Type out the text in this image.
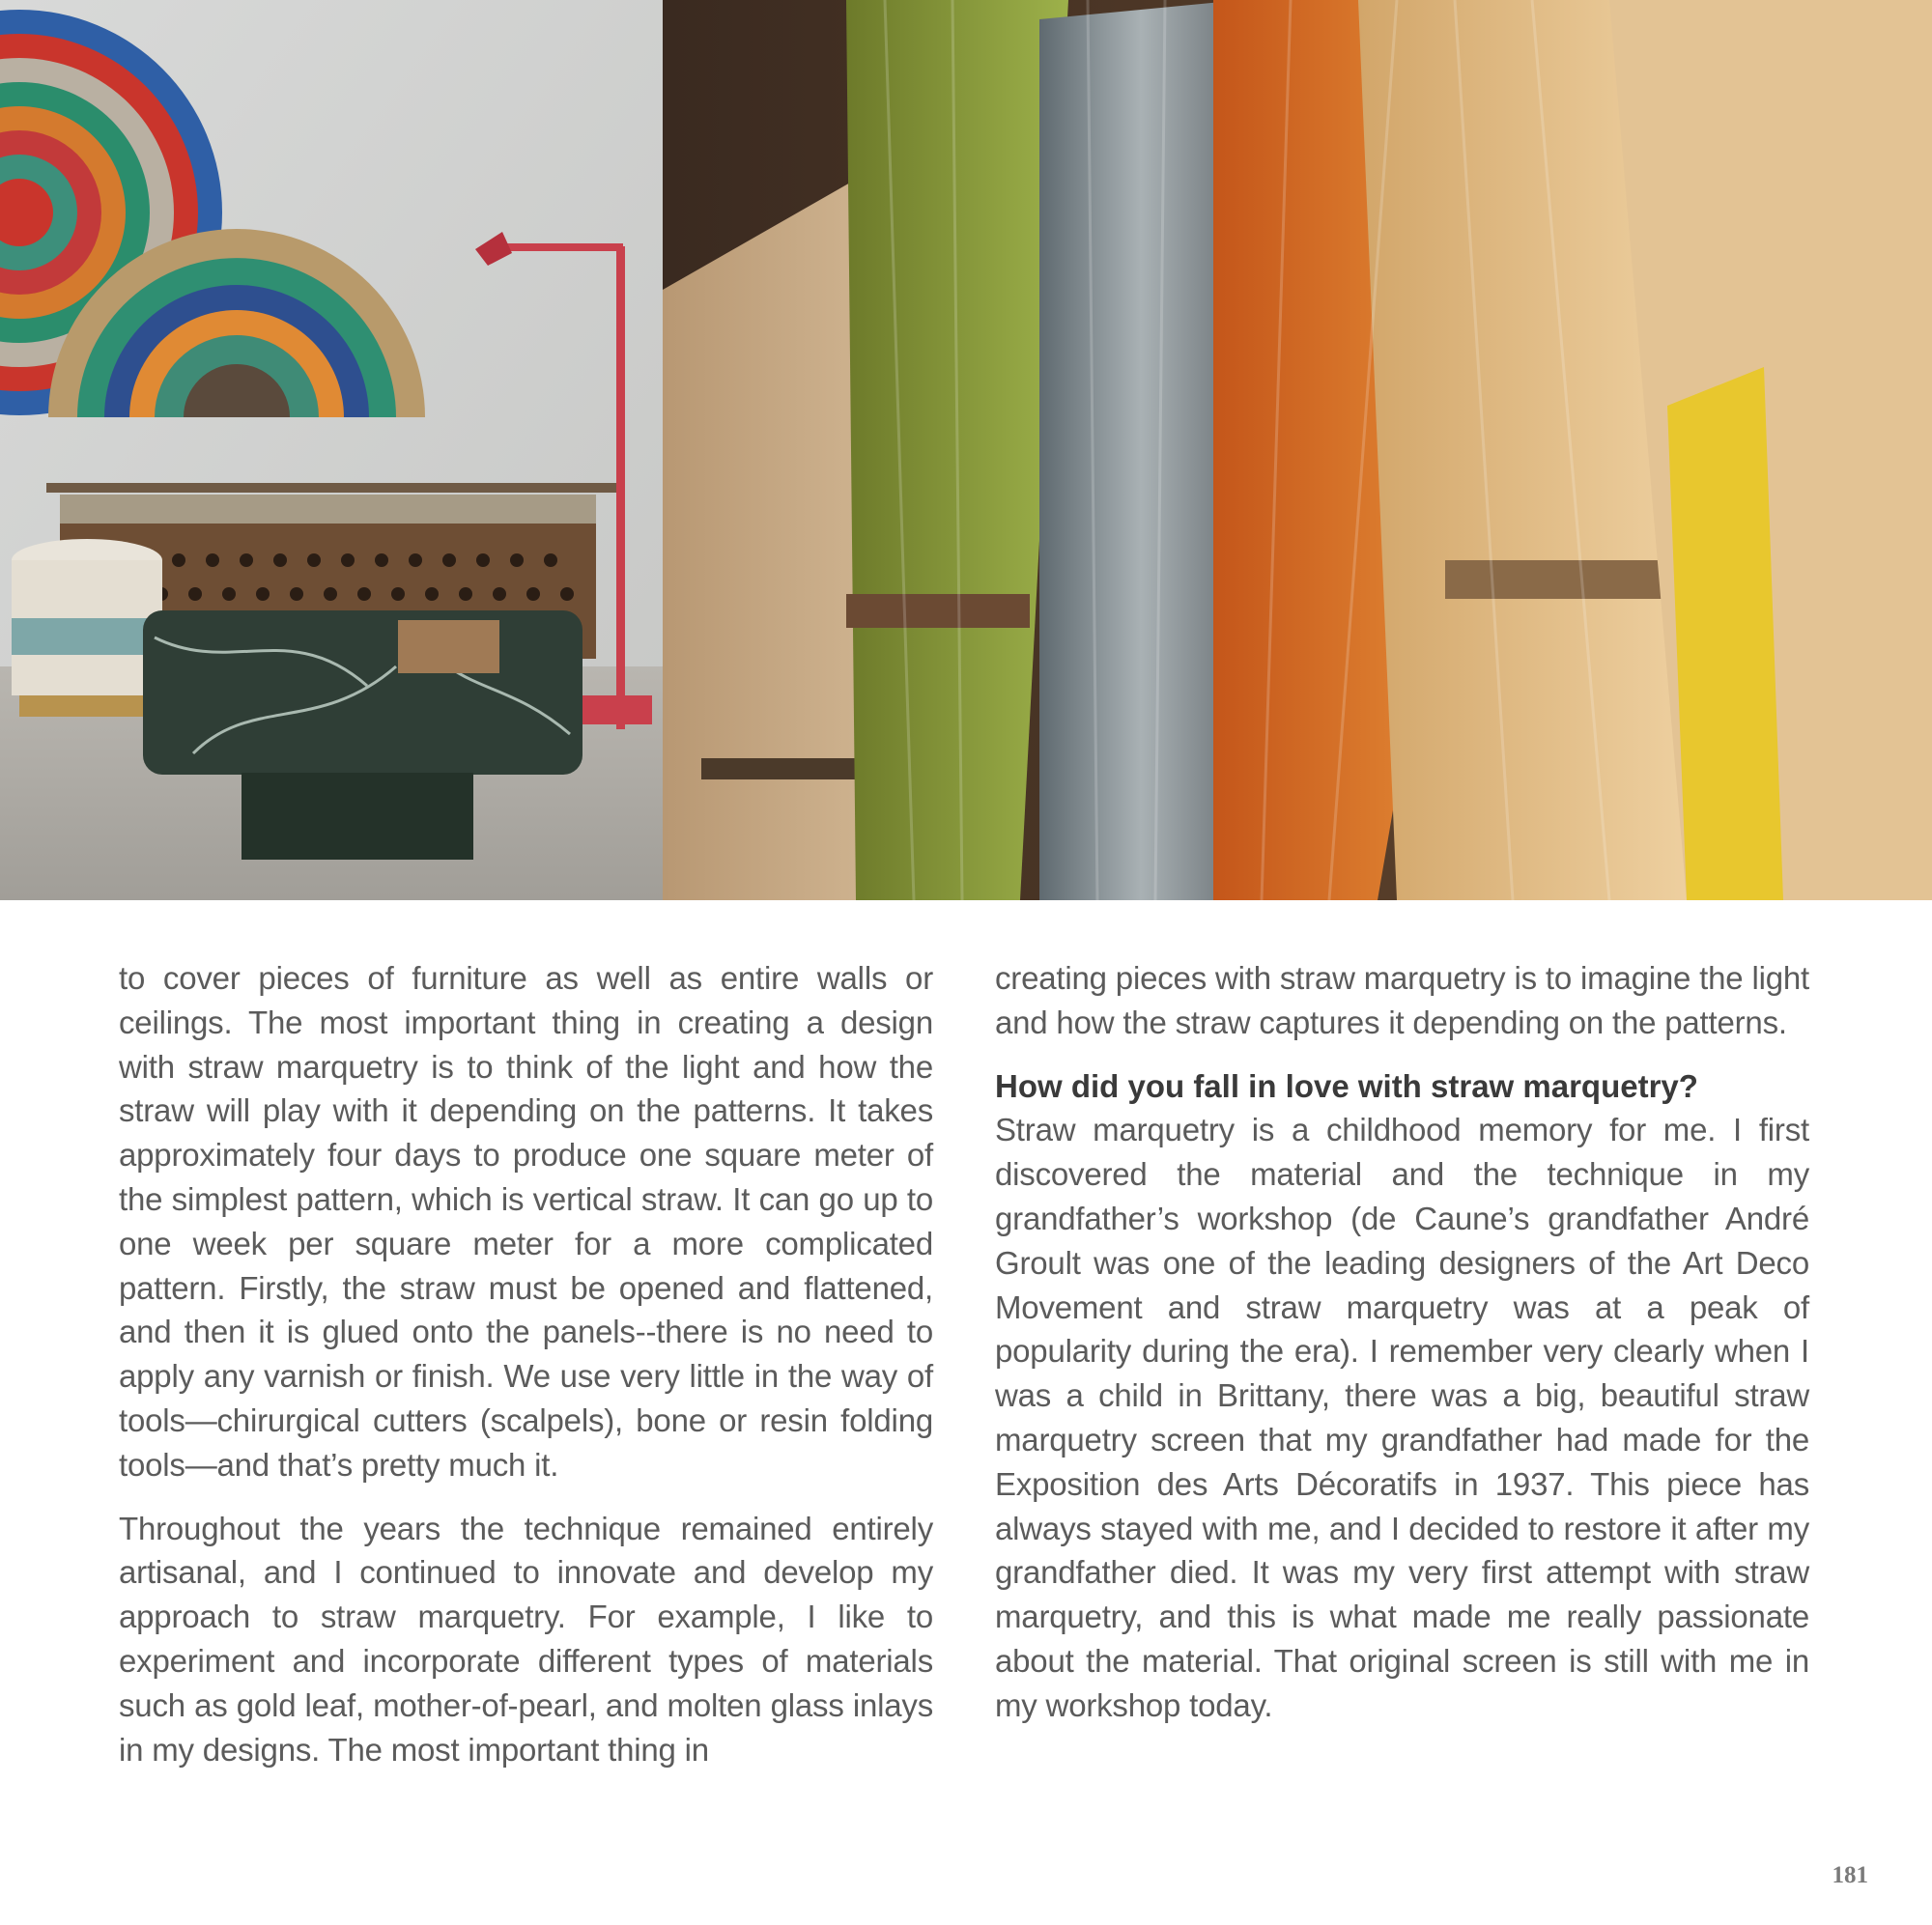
to cover pieces of furniture as well as entire walls or ceilings. The most important thing in creating a design with straw marquetry is to think of the light and how the straw will play with it depending on the patterns. It takes approximately four days to produce one square meter of the simplest pattern, which is vertical straw. It can go up to one week per square meter for a more complicated pattern. Firstly, the straw must be opened and flattened, and then it is glued onto the panels--there is no need to apply any varnish or finish. We use very little in the way of tools—chirurgical cutters (scalpels), bone or resin folding tools—and that’s pretty much it.

Throughout the years the technique remained entirely artisanal, and I continued to innovate and develop my approach to straw marquetry. For example, I like to experiment and incorporate different types of materials such as gold leaf, mother-of-pearl, and molten glass inlays in my designs. The most important thing in

creating pieces with straw marquetry is to imagine the light and how the straw captures it depending on the patterns.

How did you fall in love with straw marquetry?

Straw marquetry is a childhood memory for me. I first discovered the material and the technique in my grandfather’s workshop (de Caune’s grandfather André Groult was one of the leading designers of the Art Deco Movement and straw marquetry was at a peak of popularity during the era). I remember very clearly when I was a child in Brittany, there was a big, beautiful straw marquetry screen that my grandfather had made for the Exposition des Arts Décoratifs in 1937. This piece has always stayed with me, and I decided to restore it after my grandfather died. It was my very first attempt with straw marquetry, and this is what made me really passionate about the material. That original screen is still with me in my workshop today.

181
